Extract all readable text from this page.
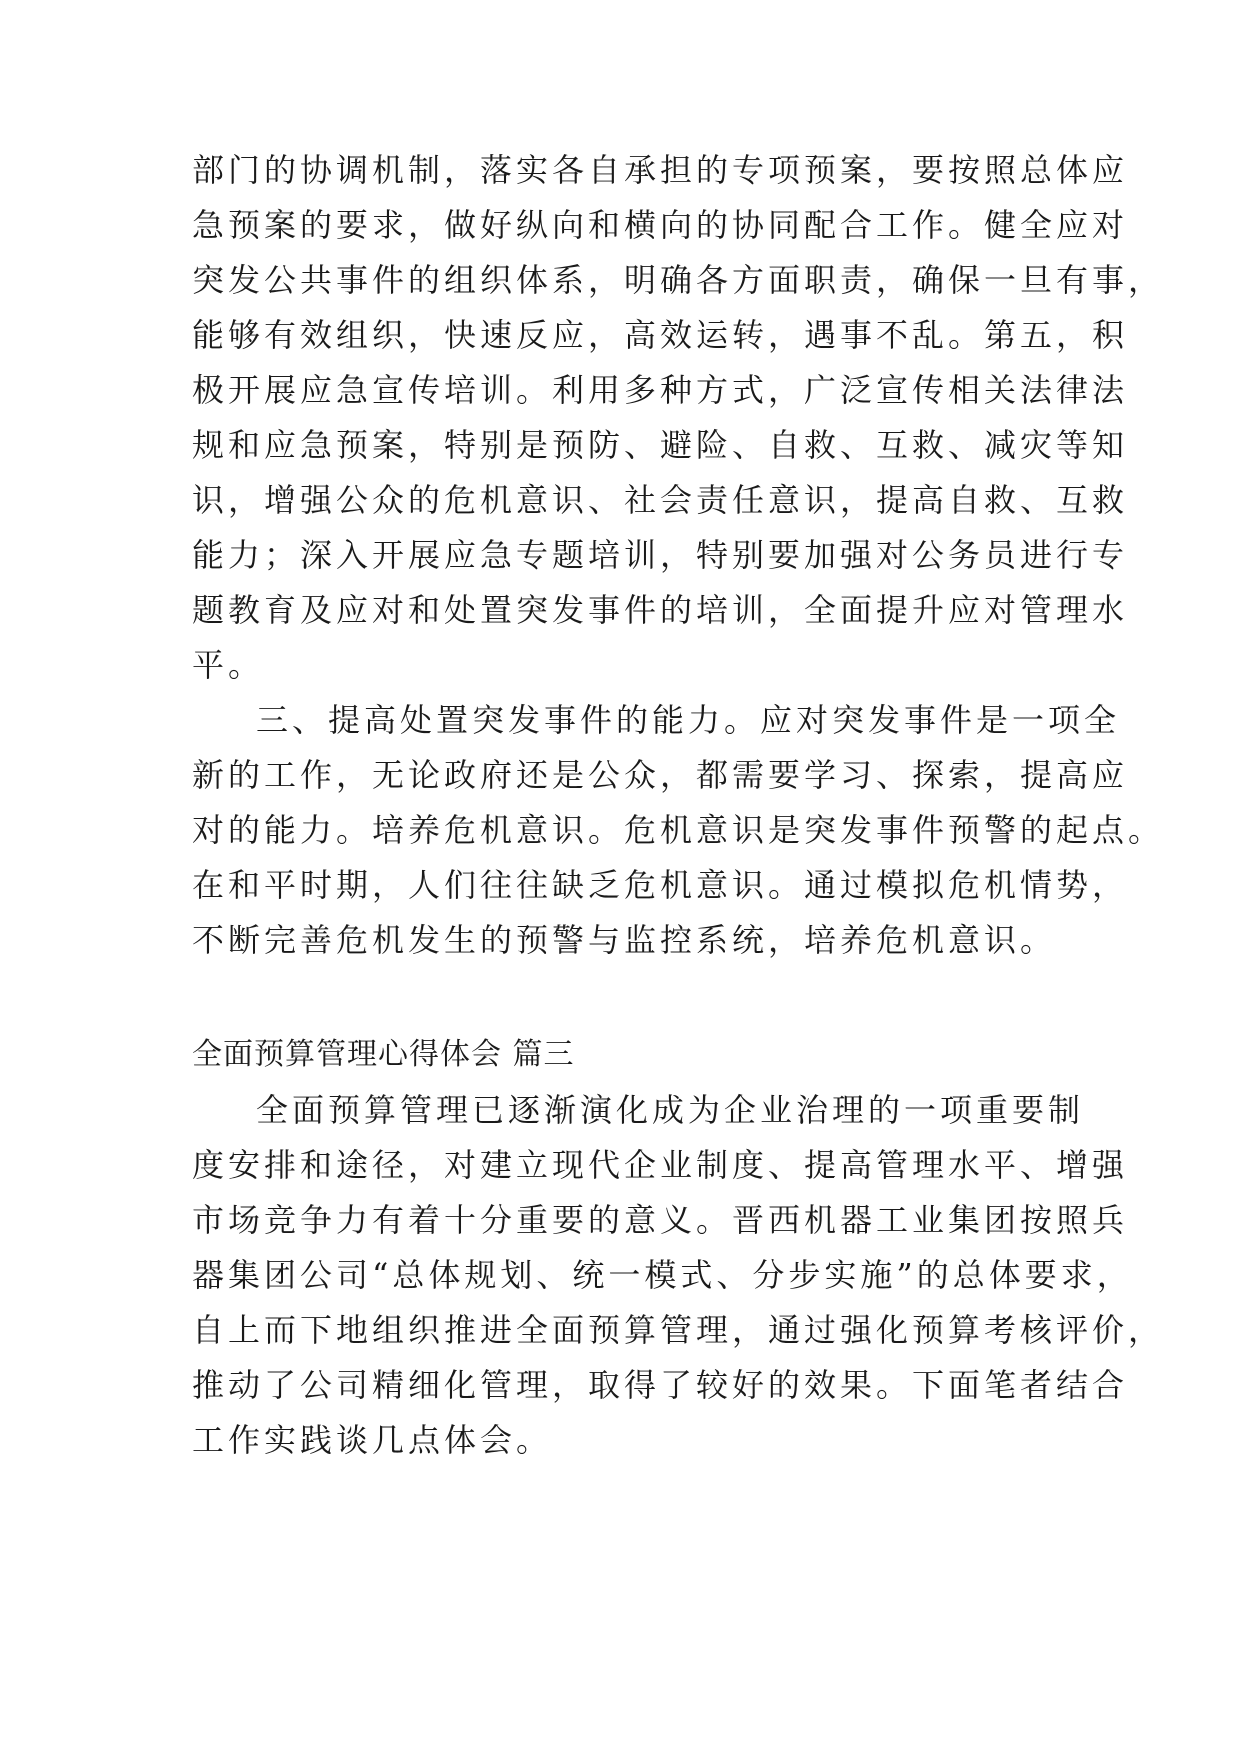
部门的协调机制，落实各自承担的专项预案，要按照总体应
急预案的要求，做好纵向和横向的协同配合工作。健全应对
突发公共事件的组织体系，明确各方面职责，确保一旦有事，
能够有效组织，快速反应，高效运转，遇事不乱。第五，积
极开展应急宣传培训。利用多种方式，广泛宣传相关法律法
规和应急预案，特别是预防、避险、自救、互救、减灾等知
识，增强公众的危机意识、社会责任意识，提高自救、互救
能力；深入开展应急专题培训，特别要加强对公务员进行专
题教育及应对和处置突发事件的培训，全面提升应对管理水
平。
三、提高处置突发事件的能力。应对突发事件是一项全
新的工作，无论政府还是公众，都需要学习、探索，提高应
对的能力。培养危机意识。危机意识是突发事件预警的起点。
在和平时期，人们往往缺乏危机意识。通过模拟危机情势，
不断完善危机发生的预警与监控系统，培养危机意识。
全面预算管理心得体会 篇三
全面预算管理已逐渐演化成为企业治理的一项重要制
度安排和途径，对建立现代企业制度、提高管理水平、增强
市场竞争力有着十分重要的意义。晋西机器工业集团按照兵
器集团公司“总体规划、统一模式、分步实施”的总体要求，
自上而下地组织推进全面预算管理，通过强化预算考核评价，
推动了公司精细化管理，取得了较好的效果。下面笔者结合
工作实践谈几点体会。
